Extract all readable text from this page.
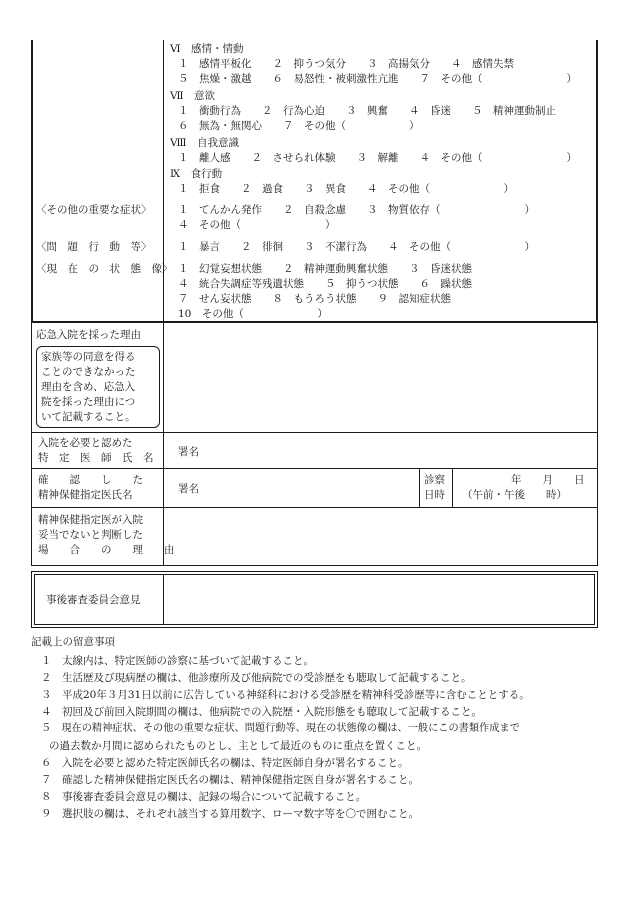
Ⅵ　感情・情動
１　感情平板化　　２　抑うつ気分　　３　高揚気分　　４　感情失禁
５　焦燥・激越　　６　易怒性・被刺激性亢進　　７　その他（　　　　　　　　）
Ⅶ　意欲
１　衝動行為　　２　行為心迫　　３　興奮　　４　昏迷　　５　精神運動制止
６　無為・無関心　　７　その他（　　　　　　）
Ⅷ　自我意識
１　離人感　　２　させられ体験　　３　解離　　４　その他（　　　　　　　　）
Ⅸ　食行動
１　拒食　　２　過食　　３　異食　　４　その他（　　　　　　　）
〈その他の重要な症状〉	１　てんかん発作　　２　自殺念慮　　３　物質依存（　　　　　　　　）
４　その他（　　　　　　　　）
〈問　題　行　動　等〉	１　暴言　　２　徘徊　　３　不潔行為　　４　その他（　　　　　　　）
〈現　在　の　状　態　像〉 １　幻覚妄想状態　　２　精神運動興奮状態　　３　昏迷状態
４　統合失調症等残遺状態　　５　抑うつ状態　　６　躁状態
７　せん妄状態　　８　もうろう状態　　９　認知症状態
10　その他（　　　　　　　）
応急入院を採った理由
家族等の同意を得る
ことのできなかった
理由を含め、応急入
院を採った理由につ
いて記載すること。
入院を必要と認めた
特　定　医　師　氏　名 署名
確　　認　　し　　た
精神保健指定医氏名	署名
診察
日時
年　　月　　日
（午前・午後　　時）
精神保健指定医が入院
妥当でないと判断した
場　　合　　の　　理　　由
事後審査委員会意見
記載上の留意事項
１　太線内は、特定医師の診察に基づいて記載すること。
２　生活歴及び現病歴の欄は、他診療所及び他病院での受診歴をも聴取して記載すること。
３　平成20年３月31日以前に広告している神経科における受診歴を精神科受診歴等に含むこととする。
４　初回及び前回入院期間の欄は、他病院での入院歴・入院形態をも聴取して記載すること。
５　現在の精神症状、その他の重要な症状、問題行動等、現在の状態像の欄は、一般にこの書類作成まで
の過去数か月間に認められたものとし、主として最近のものに重点を置くこと。
６　入院を必要と認めた特定医師氏名の欄は、特定医師自身が署名すること。
７　確認した精神保健指定医氏名の欄は、精神保健指定医自身が署名すること。
８　事後審査委員会意見の欄は、記録の場合について記載すること。
９　選択肢の欄は、それぞれ該当する算用数字、ローマ数字等を〇で囲むこと。
